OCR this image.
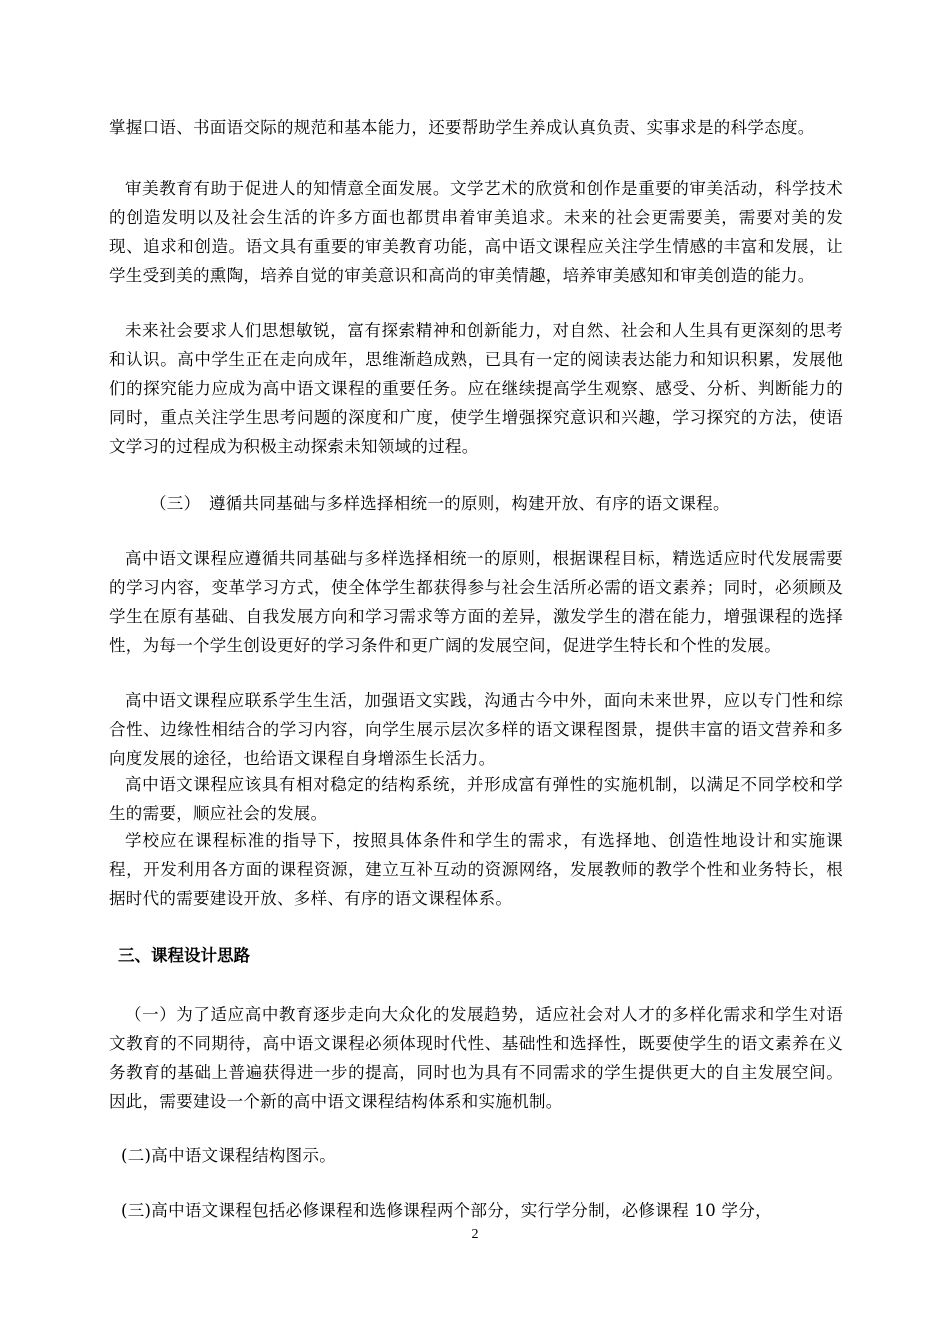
掌握口语、书面语交际的规范和基本能力，还要帮助学生养成认真负责、实事求是的科学态度。

审美教育有助于促进人的知情意全面发展。文学艺术的欣赏和创作是重要的审美活动，科学技术的创造发明以及社会生活的许多方面也都贯串着审美追求。未来的社会更需要美，需要对美的发现、追求和创造。语文具有重要的审美教育功能，高中语文课程应关注学生情感的丰富和发展，让学生受到美的熏陶，培养自觉的审美意识和高尚的审美情趣，培养审美感知和审美创造的能力。

未来社会要求人们思想敏锐，富有探索精神和创新能力，对自然、社会和人生具有更深刻的思考和认识。高中学生正在走向成年，思维渐趋成熟，已具有一定的阅读表达能力和知识积累，发展他们的探究能力应成为高中语文课程的重要任务。应在继续提高学生观察、感受、分析、判断能力的同时，重点关注学生思考问题的深度和广度，使学生增强探究意识和兴趣，学习探究的方法，使语文学习的过程成为积极主动探索未知领域的过程。

（三）　遵循共同基础与多样选择相统一的原则，构建开放、有序的语文课程。

高中语文课程应遵循共同基础与多样选择相统一的原则，根据课程目标，精选适应时代发展需要的学习内容，变革学习方式，使全体学生都获得参与社会生活所必需的语文素养；同时，必须顾及学生在原有基础、自我发展方向和学习需求等方面的差异，激发学生的潜在能力，增强课程的选择性，为每一个学生创设更好的学习条件和更广阔的发展空间，促进学生特长和个性的发展。

高中语文课程应联系学生生活，加强语文实践，沟通古今中外，面向未来世界，应以专门性和综合性、边缘性相结合的学习内容，向学生展示层次多样的语文课程图景，提供丰富的语文营养和多向度发展的途径，也给语文课程自身增添生长活力。

高中语文课程应该具有相对稳定的结构系统，并形成富有弹性的实施机制，以满足不同学校和学生的需要，顺应社会的发展。

学校应在课程标准的指导下，按照具体条件和学生的需求，有选择地、创造性地设计和实施课程，开发利用各方面的课程资源，建立互补互动的资源网络，发展教师的教学个性和业务特长，根据时代的需要建设开放、多样、有序的语文课程体系。

三、课程设计思路

（一）为了适应高中教育逐步走向大众化的发展趋势，适应社会对人才的多样化需求和学生对语文教育的不同期待，高中语文课程必须体现时代性、基础性和选择性，既要使学生的语文素养在义务教育的基础上普遍获得进一步的提高，同时也为具有不同需求的学生提供更大的自主发展空间。因此，需要建设一个新的高中语文课程结构体系和实施机制。

(二)高中语文课程结构图示。

(三)高中语文课程包括必修课程和选修课程两个部分，实行学分制，必修课程 10 学分，

2
